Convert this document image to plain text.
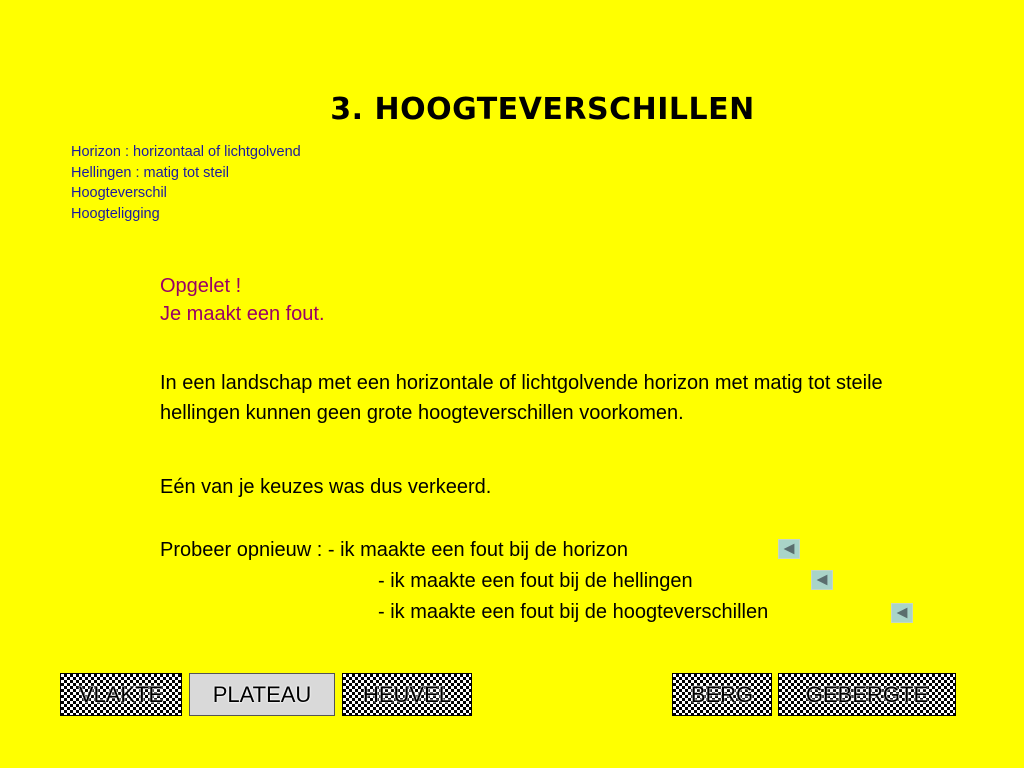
3. HOOGTEVERSCHILLEN
Horizon : horizontaal of lichtgolvend
Hellingen : matig tot steil
Hoogteverschil
Hoogteligging
Opgelet !
Je maakt een fout.
In een landschap met een horizontale of lichtgolvende horizon met matig tot steile hellingen kunnen geen grote hoogteverschillen voorkomen.
Eén van je keuzes was dus verkeerd.
Probeer opnieuw : - ik maakte een fout bij de horizon
- ik maakte een fout bij de hellingen
- ik maakte een fout bij de hoogteverschillen
VLAKTE	PLATEAU	HEUVEL	BERG	GEBERGTE
